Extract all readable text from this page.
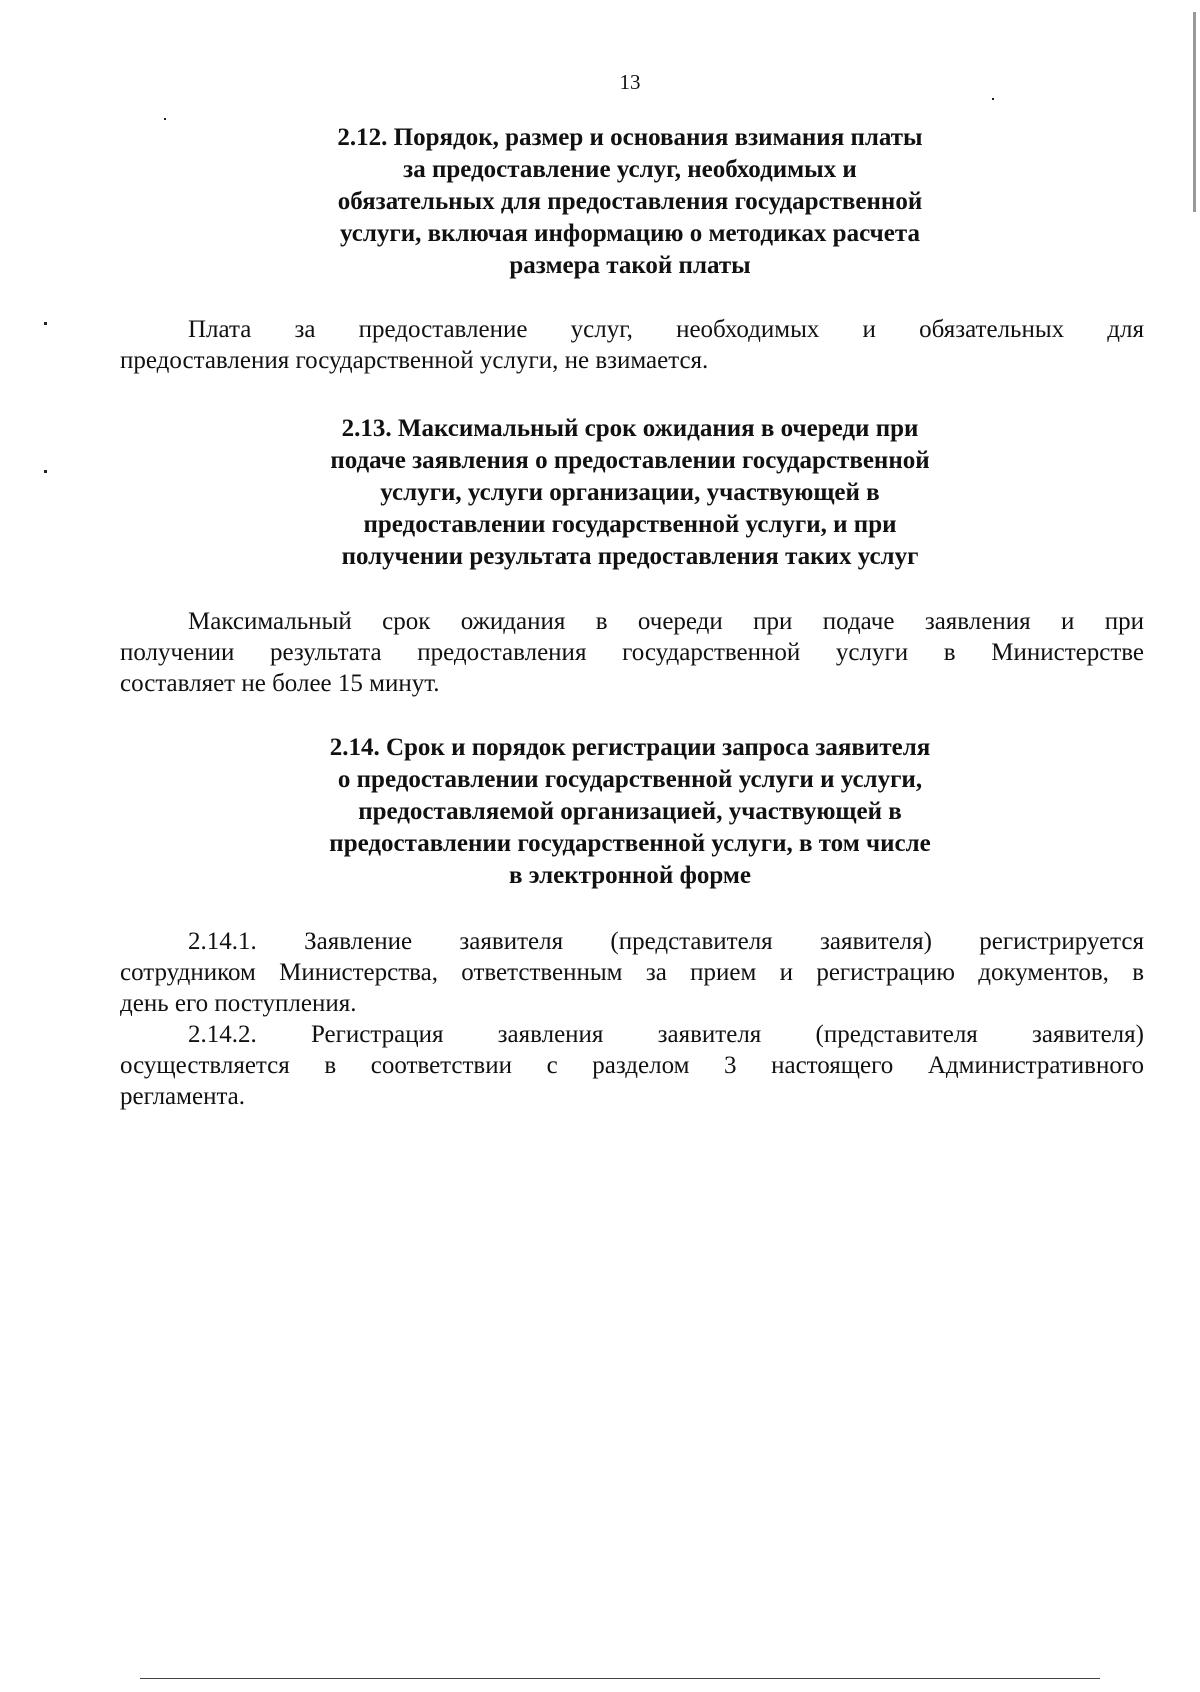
13
2.12. Порядок, размер и основания взимания платы
за предоставление услуг, необходимых и
обязательных для предоставления государственной
услуги, включая информацию о методиках расчета
размера такой платы
Плата за предоставление услуг, необходимых и обязательных для
предоставления государственной услуги, не взимается.
2.13. Максимальный срок ожидания в очереди при
подаче заявления о предоставлении государственной
услуги, услуги организации, участвующей в
предоставлении государственной услуги, и при
получении результата предоставления таких услуг
Максимальный срок ожидания в очереди при подаче заявления и при
получении результата предоставления государственной услуги в Министерстве
составляет не более 15 минут.
2.14. Срок и порядок регистрации запроса заявителя
о предоставлении государственной услуги и услуги,
предоставляемой организацией, участвующей в
предоставлении государственной услуги, в том числе
в электронной форме
2.14.1. Заявление заявителя (представителя заявителя) регистрируется
сотрудником Министерства, ответственным за прием и регистрацию документов, в
день его поступления.
2.14.2. Регистрация заявления заявителя (представителя заявителя)
осуществляется в соответствии с разделом 3 настоящего Административного
регламента.
